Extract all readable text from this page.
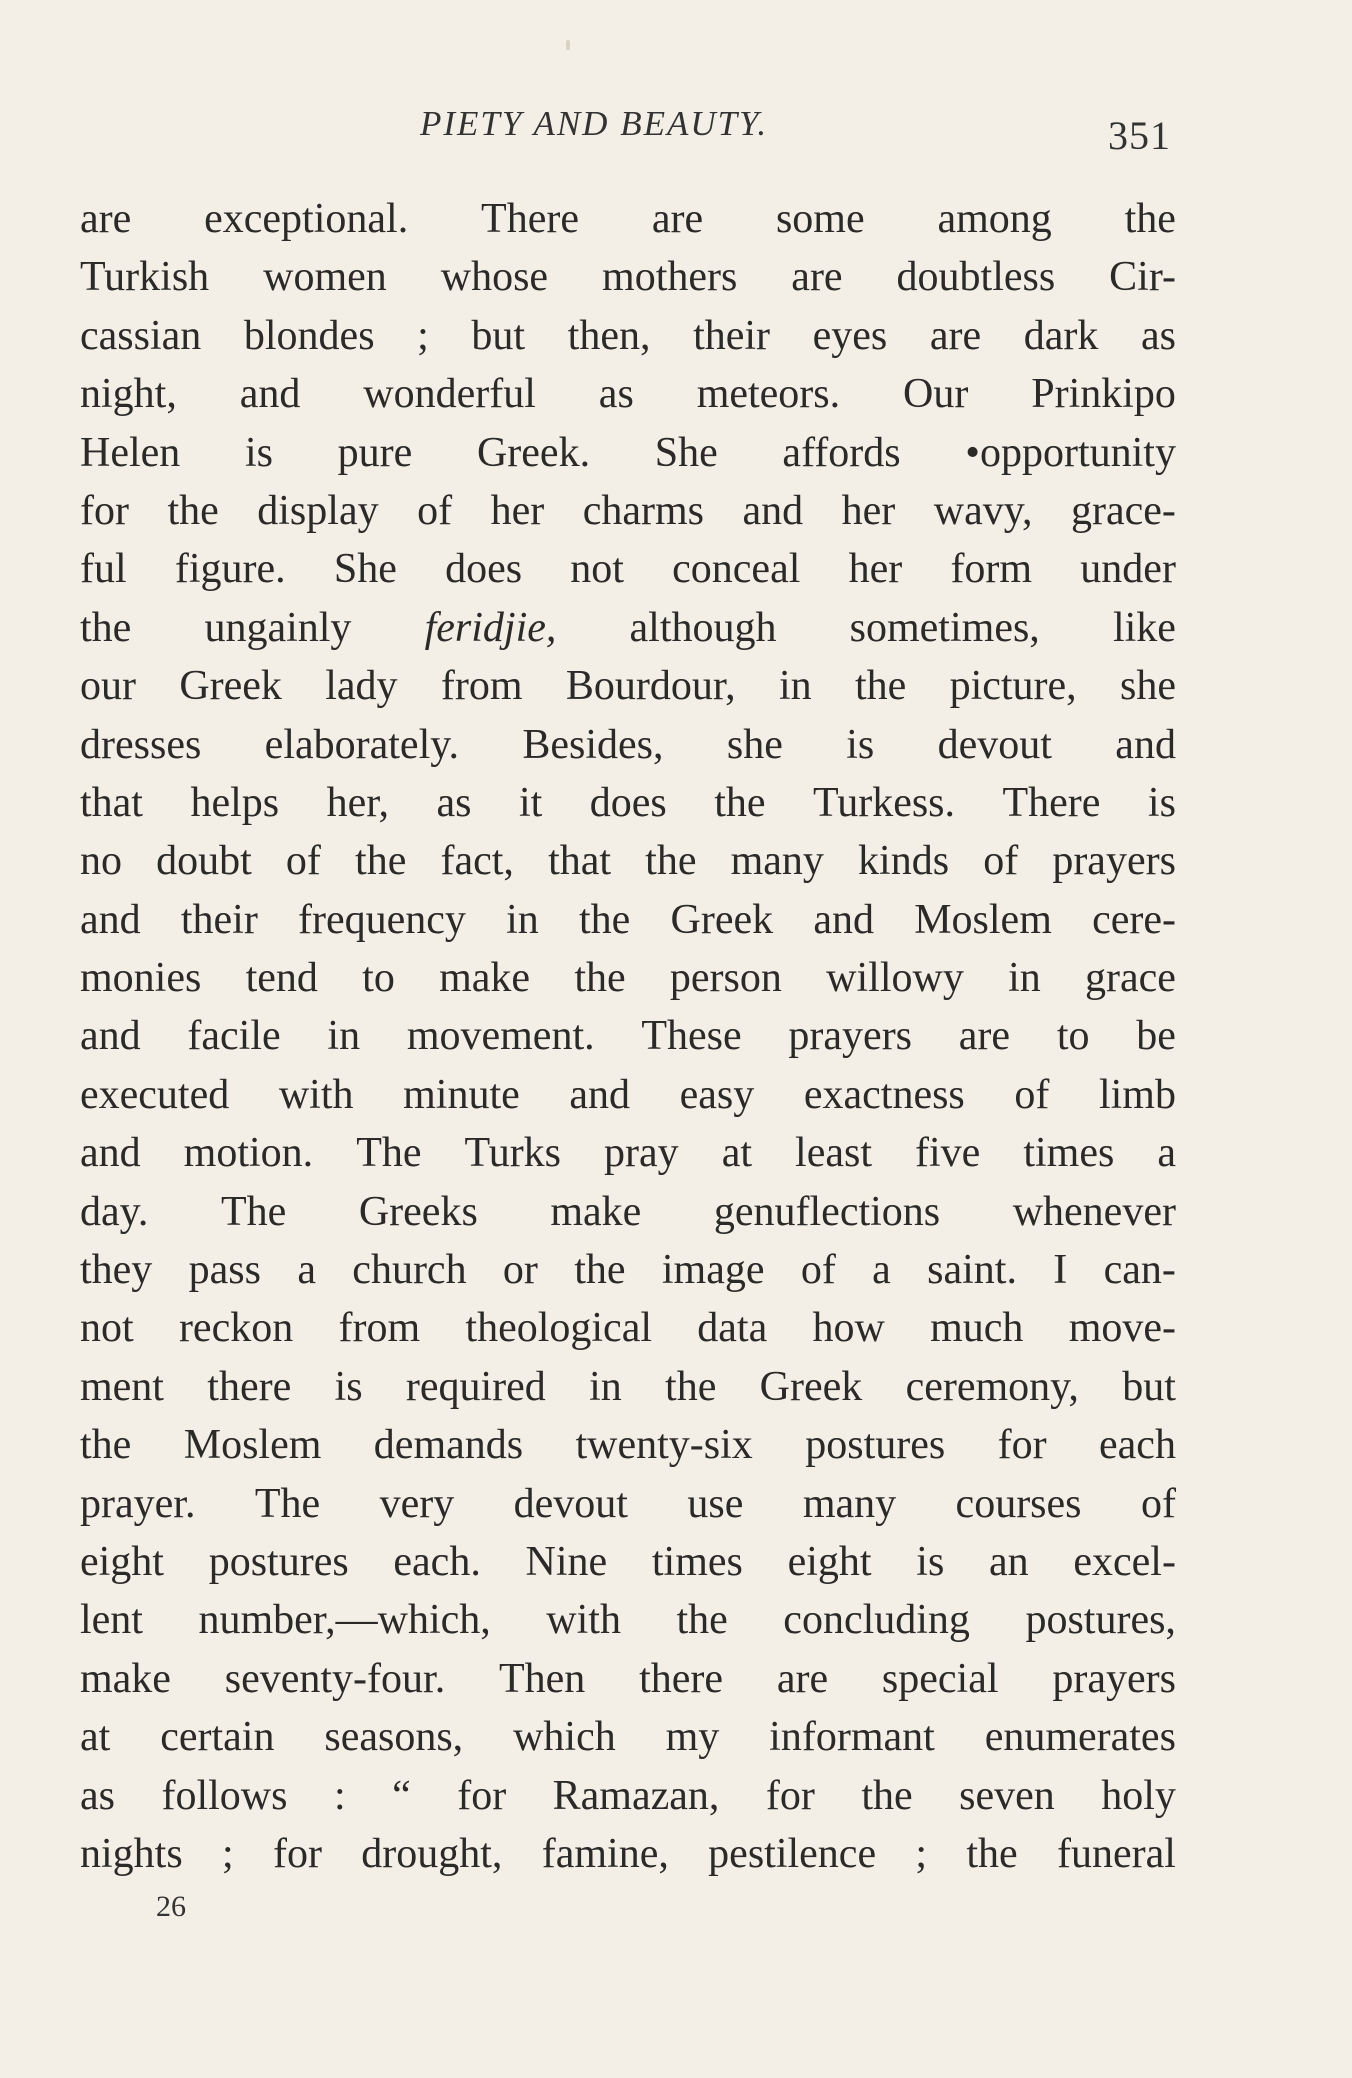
PIETY AND BEAUTY.	351
are exceptional. There are some among the
Turkish women whose mothers are doubtless Cir-
cassian blondes ; but then, their eyes are dark as
night, and wonderful as meteors. Our Prinkipo
Helen is pure Greek. She affords •opportunity
for the display of her charms and her wavy, grace-
ful figure. She does not conceal her form under
the ungainly feridjie, although sometimes, like
our Greek lady from Bourdour, in the picture, she
dresses elaborately. Besides, she is devout and
that helps her, as it does the Turkess. There is
no doubt of the fact, that the many kinds of prayers
and their frequency in the Greek and Moslem cere-
monies tend to make the person willowy in grace
and facile in movement. These prayers are to be
executed with minute and easy exactness of limb
and motion. The Turks pray at least five times a
day. The Greeks make genuflections whenever
they pass a church or the image of a saint. I can-
not reckon from theological data how much move-
ment there is required in the Greek ceremony, but
the Moslem demands twenty-six postures for each
prayer. The very devout use many courses of
eight postures each. Nine times eight is an excel-
lent number,—which, with the concluding postures,
make seventy-four. Then there are special prayers
at certain seasons, which my informant enumerates
as follows : “ for Ramazan, for the seven holy
nights ; for drought, famine, pestilence ; the funeral
26
